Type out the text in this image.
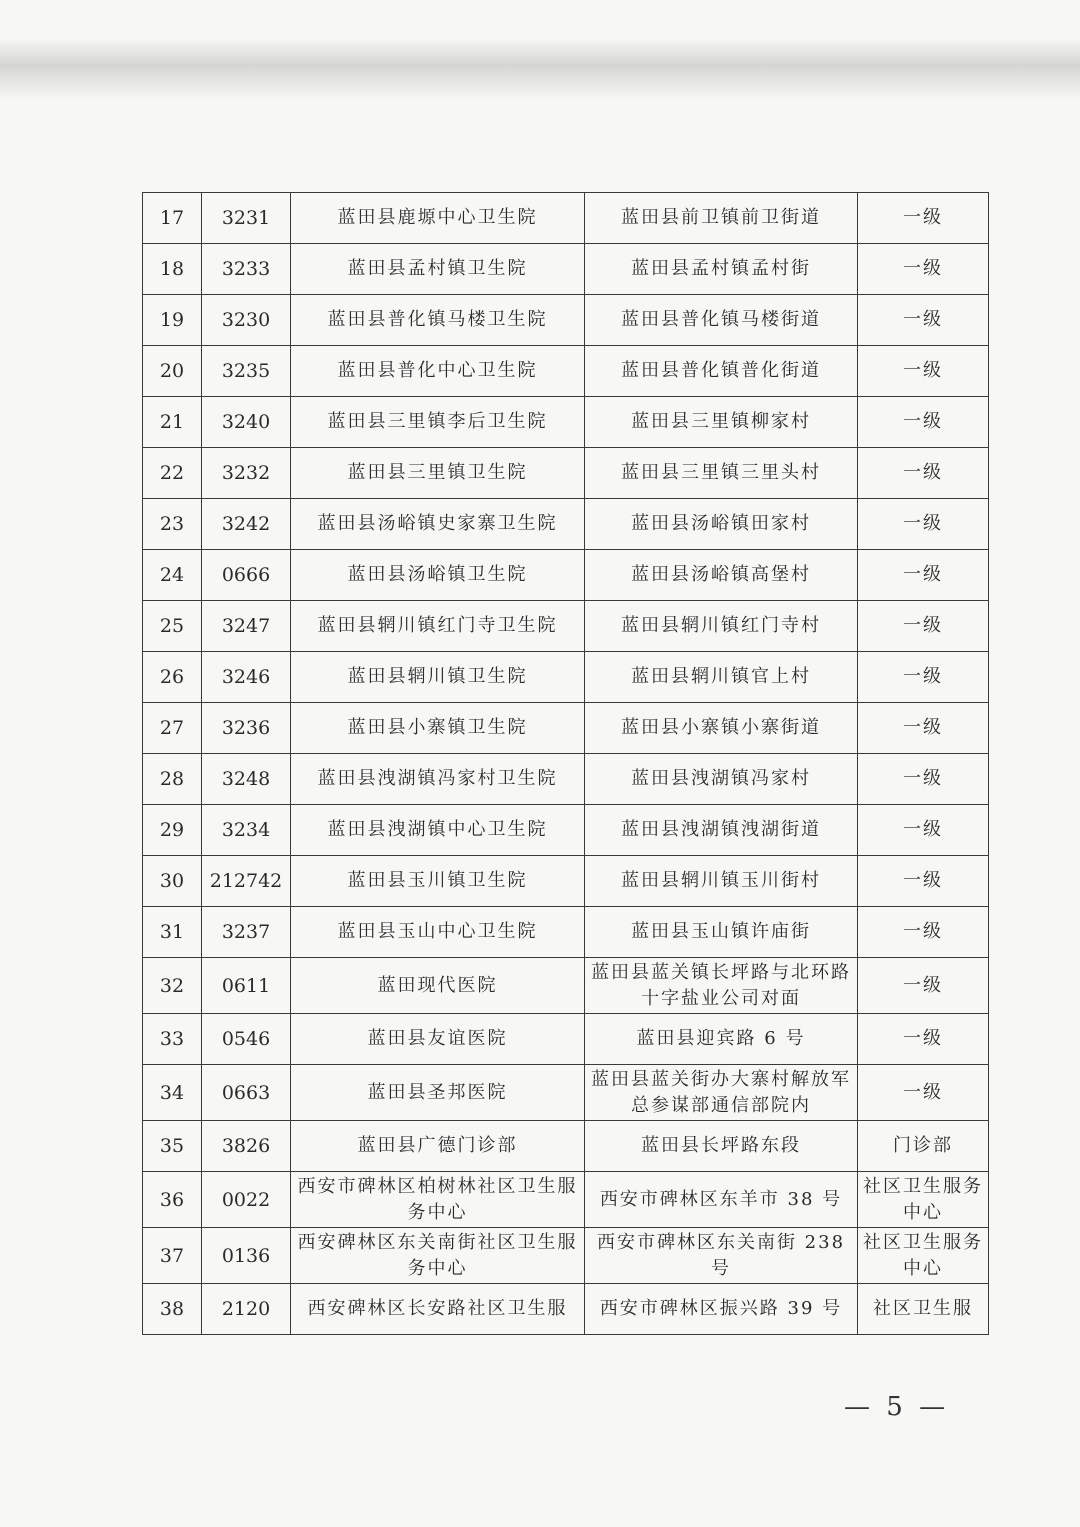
17	3231	蓝田县鹿塬中心卫生院	蓝田县前卫镇前卫街道	一级
18	3233	蓝田县孟村镇卫生院	蓝田县孟村镇孟村街	一级
19	3230	蓝田县普化镇马楼卫生院	蓝田县普化镇马楼街道	一级
20	3235	蓝田县普化中心卫生院	蓝田县普化镇普化街道	一级
21	3240	蓝田县三里镇李后卫生院	蓝田县三里镇柳家村	一级
22	3232	蓝田县三里镇卫生院	蓝田县三里镇三里头村	一级
23	3242	蓝田县汤峪镇史家寨卫生院	蓝田县汤峪镇田家村	一级
24	0666	蓝田县汤峪镇卫生院	蓝田县汤峪镇高堡村	一级
25	3247	蓝田县辋川镇红门寺卫生院	蓝田县辋川镇红门寺村	一级
26	3246	蓝田县辋川镇卫生院	蓝田县辋川镇官上村	一级
27	3236	蓝田县小寨镇卫生院	蓝田县小寨镇小寨街道	一级
28	3248	蓝田县洩湖镇冯家村卫生院	蓝田县洩湖镇冯家村	一级
29	3234	蓝田县洩湖镇中心卫生院	蓝田县洩湖镇洩湖街道	一级
30	212742	蓝田县玉川镇卫生院	蓝田县辋川镇玉川街村	一级
31	3237	蓝田县玉山中心卫生院	蓝田县玉山镇许庙街	一级
32	0611	蓝田现代医院	蓝田县蓝关镇长坪路与北环路十字盐业公司对面	一级
33	0546	蓝田县友谊医院	蓝田县迎宾路 6 号	一级
34	0663	蓝田县圣邦医院	蓝田县蓝关街办大寨村解放军总参谋部通信部院内	一级
35	3826	蓝田县广德门诊部	蓝田县长坪路东段	门诊部
36	0022	西安市碑林区柏树林社区卫生服务中心	西安市碑林区东羊市 38 号	社区卫生服务中心
37	0136	西安碑林区东关南街社区卫生服务中心	西安市碑林区东关南街 238 号	社区卫生服务中心
38	2120	西安碑林区长安路社区卫生服	西安市碑林区振兴路 39 号	社区卫生服
— 5 —
